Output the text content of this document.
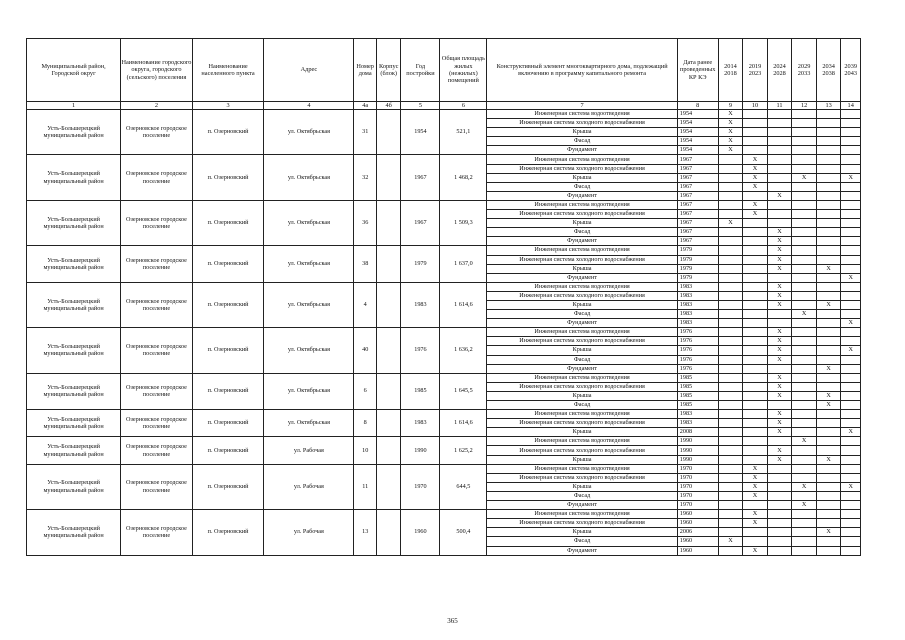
Муниципальный район, Городской округ	Наименование городского округа, городского (сельского) поселения	Наименование населенного пункта	Адрес	Номер дома	Корпус (блок)	Год постройки	Общая площадь жилых (нежилых) помещений	Конструктивный элемент многоквартирного дома, подлежащий включению в программу капитального ремонта	Дата ранее проведенных КР КЭ	2014 2018	2019 2023	2024 2028	2029 2033	2034 2038	2039 2043
1	2	3	4	4а	4б	5	6	7	8	9	10	11	12	13	14
Усть-Большерецкий муниципальный район	Озерновское городское поселение	п. Озерновский	ул. Октябрьская	31		1954	521,1	Инженерная система водоотведения	1954	X					
								Инженерная система холодного водоснабжения	1954	X					
								Крыша	1954	X					
								Фасад	1954	X					
								Фундамент	1954	X					
Усть-Большерецкий муниципальный район	Озерновское городское поселение	п. Озерновский	ул. Октябрьская	32		1967	1 468,2	Инженерная система водоотведения	1967		X				
								Инженерная система холодного водоснабжения	1967		X				
								Крыша	1967		X		X		X
								Фасад	1967		X				
								Фундамент	1967			X			
Усть-Большерецкий муниципальный район	Озерновское городское поселение	п. Озерновский	ул. Октябрьская	36		1967	1 509,3	Инженерная система водоотведения	1967		X				
								Инженерная система холодного водоснабжения	1967		X				
								Крыша	1967	X					
								Фасад	1967			X			
								Фундамент	1967			X			
Усть-Большерецкий муниципальный район	Озерновское городское поселение	п. Озерновский	ул. Октябрьская	38		1979	1 637,0	Инженерная система водоотведения	1979			X			
								Инженерная система холодного водоснабжения	1979			X			
								Крыша	1979			X		X	
								Фундамент	1979						X
Усть-Большерецкий муниципальный район	Озерновское городское поселение	п. Озерновский	ул. Октябрьская	4		1983	1 614,6	Инженерная система водоотведения	1983			X			
								Инженерная система холодного водоснабжения	1983			X			
								Крыша	1983			X		X	
								Фасад	1983				X		
								Фундамент	1983						X
Усть-Большерецкий муниципальный район	Озерновское городское поселение	п. Озерновский	ул. Октябрьская	40		1976	1 636,2	Инженерная система водоотведения	1976			X			
								Инженерная система холодного водоснабжения	1976			X			
								Крыша	1976			X			X
								Фасад	1976			X			
								Фундамент	1976					X	
Усть-Большерецкий муниципальный район	Озерновское городское поселение	п. Озерновский	ул. Октябрьская	6		1985	1 645,5	Инженерная система водоотведения	1985			X			
								Инженерная система холодного водоснабжения	1985			X			
								Крыша	1985			X		X	
								Фасад	1985					X	
Усть-Большерецкий муниципальный район	Озерновское городское поселение	п. Озерновский	ул. Октябрьская	8		1983	1 614,6	Инженерная система водоотведения	1983			X			
								Инженерная система холодного водоснабжения	1983			X			
								Крыша	2008			X			X
Усть-Большерецкий муниципальный район	Озерновское городское поселение	п. Озерновский	ул. Рабочая	10		1990	1 625,2	Инженерная система водоотведения	1990				X		
								Инженерная система холодного водоснабжения	1990			X			
								Крыша	1990			X		X	
Усть-Большерецкий муниципальный район	Озерновское городское поселение	п. Озерновский	ул. Рабочая	11		1970	644,5	Инженерная система водоотведения	1970		X				
								Инженерная система холодного водоснабжения	1970		X				
								Крыша	1970		X		X		X
								Фасад	1970		X				
								Фундамент	1970				X		
Усть-Большерецкий муниципальный район	Озерновское городское поселение	п. Озерновский	ул. Рабочая	13		1960	500,4	Инженерная система водоотведения	1960		X				
								Инженерная система холодного водоснабжения	1960		X				
								Крыша	2006					X	
								Фасад	1960	X					
								Фундамент	1960		X				
365
